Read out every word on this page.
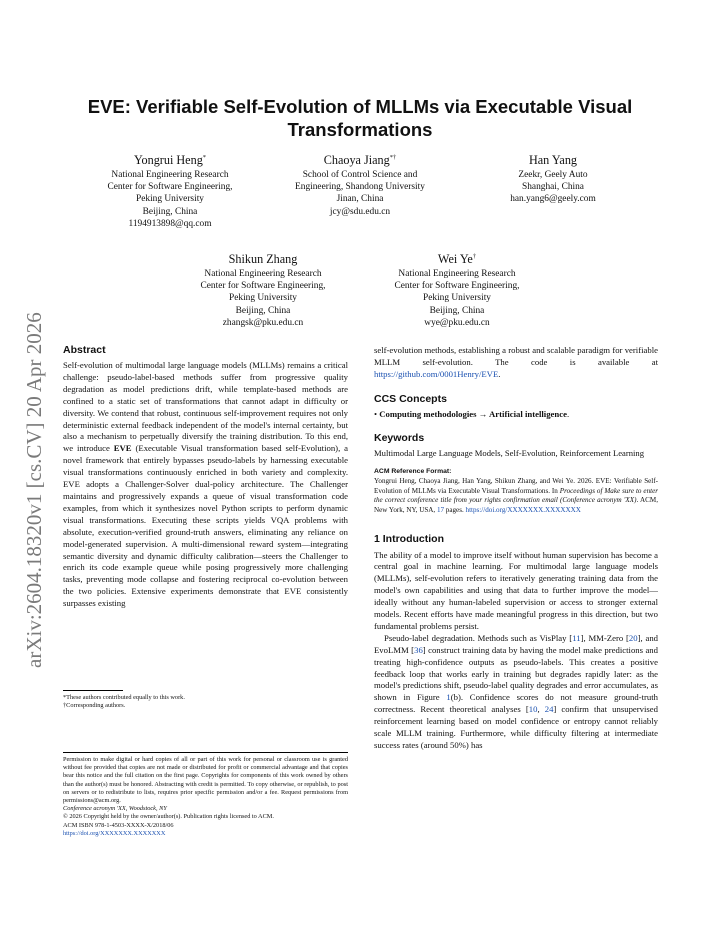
arXiv:2604.18320v1 [cs.CV] 20 Apr 2026
EVE: Verifiable Self-Evolution of MLLMs via Executable Visual Transformations
Yongrui Heng*
National Engineering Research
Center for Software Engineering,
Peking University
Beijing, China
1194913898@qq.com
Chaoya Jiang*†
School of Control Science and
Engineering, Shandong University
Jinan, China
jcy@sdu.edu.cn
Han Yang
Zeekr, Geely Auto
Shanghai, China
han.yang6@geely.com
Shikun Zhang
National Engineering Research
Center for Software Engineering,
Peking University
Beijing, China
zhangsk@pku.edu.cn
Wei Ye†
National Engineering Research
Center for Software Engineering,
Peking University
Beijing, China
wye@pku.edu.cn
Abstract

Self-evolution of multimodal large language models (MLLMs) remains a critical challenge: pseudo-label-based methods suffer from progressive quality degradation as model predictions drift, while template-based methods are confined to a static set of transformations that cannot adapt in difficulty or diversity. We contend that robust, continuous self-improvement requires not only deterministic external feedback independent of the model's internal certainty, but also a mechanism to perpetually diversify the training distribution. To this end, we introduce EVE (Executable Visual transformation based self-Evolution), a novel framework that entirely bypasses pseudo-labels by harnessing executable visual transformations continuously enriched in both variety and complexity. EVE adopts a Challenger-Solver dual-policy architecture. The Challenger maintains and progressively expands a queue of visual transformation code examples, from which it synthesizes novel Python scripts to perform dynamic visual transformations. Executing these scripts yields VQA problems with absolute, execution-verified ground-truth answers, eliminating any reliance on model-generated supervision. A multi-dimensional reward system—integrating semantic diversity and dynamic difficulty calibration—steers the Challenger to enrich its code example queue while posing progressively more challenging tasks, preventing mode collapse and fostering reciprocal co-evolution between the two policies. Extensive experiments demonstrate that EVE consistently surpasses existing

*These authors contributed equally to this work.
†Corresponding authors.
Permission to make digital or hard copies of all or part of this work for personal or classroom use is granted without fee provided that copies are not made or distributed for profit or commercial advantage and that copies bear this notice and the full citation on the first page. Copyrights for components of this work owned by others than the author(s) must be honored. Abstracting with credit is permitted. To copy otherwise, or republish, to post on servers or to redistribute to lists, requires prior specific permission and/or a fee. Request permissions from permissions@acm.org.
Conference acronym 'XX, Woodstock, NY
© 2026 Copyright held by the owner/author(s). Publication rights licensed to ACM.
ACM ISBN 978-1-4503-XXXX-X/2018/06
https://doi.org/XXXXXXX.XXXXXXX

self-evolution methods, establishing a robust and scalable paradigm for verifiable MLLM self-evolution. The code is available at https://github.com/0001Henry/EVE.

CCS Concepts

• Computing methodologies → Artificial intelligence.

Keywords

Multimodal Large Language Models, Self-Evolution, Reinforcement Learning

ACM Reference Format:
Yongrui Heng, Chaoya Jiang, Han Yang, Shikun Zhang, and Wei Ye. 2026. EVE: Verifiable Self-Evolution of MLLMs via Executable Visual Transformations. In Proceedings of Make sure to enter the correct conference title from your rights confirmation email (Conference acronym 'XX). ACM, New York, NY, USA, 17 pages. https://doi.org/XXXXXXX.XXXXXXX
1 Introduction

The ability of a model to improve itself without human supervision has become a central goal in machine learning. For multimodal large language models (MLLMs), self-evolution refers to iteratively generating training data from the model's own capabilities and using that data to further improve the model—ideally without any human-labeled supervision or access to stronger external models. Recent efforts have made meaningful progress in this direction, but two fundamental problems persist.

Pseudo-label degradation. Methods such as VisPlay [11], MM-Zero [20], and EvoLMM [36] construct training data by having the model make predictions and treating high-confidence outputs as pseudo-labels. This creates a positive feedback loop that works early in training but degrades rapidly later: as the model's predictions shift, pseudo-label quality degrades and error accumulates, as shown in Figure 1(b). Confidence scores do not measure ground-truth correctness. Recent theoretical analyses [10, 24] confirm that unsupervised reinforcement learning based on model confidence or entropy cannot reliably scale MLLM training. Furthermore, while difficulty filtering at intermediate success rates (around 50%) has
